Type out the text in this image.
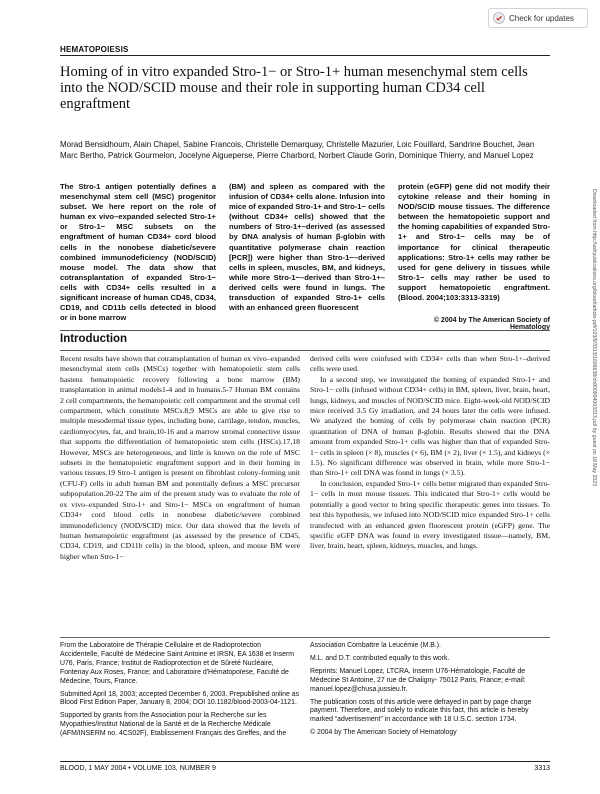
Check for updates
HEMATOPOIESIS
Homing of in vitro expanded Stro-1− or Stro-1+ human mesenchymal stem cells into the NOD/SCID mouse and their role in supporting human CD34 cell engraftment
Morad Bensidhoum, Alain Chapel, Sabine Francois, Christelle Demarquay, Christelle Mazurier, Loic Fouillard, Sandrine Bouchet, Jean Marc Bertho, Patrick Gourmelon, Jocelyne Aigueperse, Pierre Charbord, Norbert Claude Gorin, Dominique Thierry, and Manuel Lopez
The Stro-1 antigen potentially defines a mesenchymal stem cell (MSC) progenitor subset. We here report on the role of human ex vivo–expanded selected Stro-1+ or Stro-1− MSC subsets on the engraftment of human CD34+ cord blood cells in the nonobese diabetic/severe combined immunodeficiency (NOD/SCID) mouse model. The data show that cotransplantation of expanded Stro-1− cells with CD34+ cells resulted in a significant increase of human CD45, CD34, CD19, and CD11b cells detected in blood or in bone marrow
(BM) and spleen as compared with the infusion of CD34+ cells alone. Infusion into mice of expanded Stro-1+ and Stro-1− cells (without CD34+ cells) showed that the numbers of Stro-1+–derived (as assessed by DNA analysis of human β-globin with quantitative polymerase chain reaction [PCR]) were higher than Stro-1−–derived cells in spleen, muscles, BM, and kidneys, while more Stro-1−–derived than Stro-1+–derived cells were found in lungs. The transduction of expanded Stro-1+ cells with an enhanced green fluorescent
protein (eGFP) gene did not modify their cytokine release and their homing in NOD/SCID mouse tissues. The difference between the hematopoietic support and the homing capabilities of expanded Stro-1+ and Stro-1− cells may be of importance for clinical therapeutic applications: Stro-1+ cells may rather be used for gene delivery in tissues while Stro-1− cells may rather be used to support hematopoietic engraftment. (Blood. 2004;103:3313-3319)
© 2004 by The American Society of Hematology
Introduction

Recent results have shown that cotransplantation of human ex vivo–expanded mesenchymal stem cells (MSCs) together with hematopoietic stem cells hastens hematopoietic recovery following a bone marrow (BM) transplantation in animal models1-4 and in humans.5-7 Human BM contains 2 cell compartments, the hematopoietic cell compartment and the stromal cell compartment, which constitute MSCs.8,9 MSCs are able to give rise to multiple mesodermal tissue types, including bone, cartilage, tendon, muscles, cardiomyocytes, fat, and brain,10-16 and a marrow stromal connective tissue that supports the differentiation of hematopoietic stem cells (HSCs).17,18 However, MSCs are heterogeneous, and little is known on the role of MSC subsets in the hematopoietic engraftment support and in their homing in various tissues.19 Stro-1 antigen is present on fibroblast colony-forming unit (CFU-F) cells in adult human BM and potentially defines a MSC precursor subpopulation.20-22 The aim of the present study was to evaluate the role of ex vivo–expanded Stro-1+ and Stro-1− MSCs on engraftment of human CD34+ cord blood cells in nonobese diabetic/severe combined immunodeficiency (NOD/SCID) mice. Our data showed that the levels of human hematopoietic engraftment (as assessed by the presence of CD45, CD34, CD19, and CD11b cells) in the blood, spleen, and mouse BM were higher when Stro-1−

derived cells were coinfused with CD34+ cells than when Stro-1+–derived cells were used.

In a second step, we investigated the homing of expanded Stro-1+ and Stro-1− cells (infused without CD34+ cells) in BM, spleen, liver, brain, heart, lungs, kidneys, and muscles of NOD/SCID mice. Eight-week-old NOD/SCID mice received 3.5 Gy irradiation, and 24 hours later the cells were infused. We analyzed the homing of cells by polymerase chain reaction (PCR) quantitation of DNA of human β-globin. Results showed that the DNA amount from expanded Stro-1+ cells was higher than that of expanded Stro-1− cells in spleen (× 8), muscles (× 6), BM (× 2), liver (× 1.5), and kidneys (× 1.5). No significant difference was observed in brain, while more Stro-1− than Stro-1+ cell DNA was found in lungs (× 3.5).

In conclusion, expanded Stro-1+ cells better migrated than expanded Stro-1− cells in most mouse tissues. This indicated that Stro-1+ cells would be potentially a good vector to bring specific therapeutic genes into tissues. To test this hypothesis, we infused into NOD/SCID mice expanded Stro-1+ cells transfected with an enhanced green fluorescent protein (eGFP) gene. The specific eGFP DNA was found in every investigated tissue—namely, BM, liver, brain, heart, spleen, kidneys, muscles, and lungs.

From the Laboratoire de Thérapie Cellulaire et de Radioprotection Accidentelle, Faculté de Médecine Saint Antoine et IRSN, EA 1638 et Inserm U76, Paris, France; Institut de Radioprotection et de Sûreté Nucléaire, Fontenay Aux Roses, France; and Laboratoire d'Hématopoïese, Faculté de Médecine, Tours, France.

Submitted April 18, 2003; accepted December 6, 2003. Prepublished online as Blood First Edition Paper, January 8, 2004; DOI 10.1182/blood-2003-04-1121.

Supported by grants from the Association pour la Recherche sur les Myopathies/Institut National de la Santé et de la Recherche Médicale (AFM/INSERM no. 4CS02F), Etablissement Français des Greffes, and the

Association Combattre la Leucémie (M.B.).

M.L. and D.T. contributed equally to this work.

Reprints: Manuel Lopez, LTCRA, Inserm U76-Hématologie, Faculté de Médecine St Antoine, 27 rue de Chaligny- 75012 Paris, France; e-mail: manuel.lopez@chusa.jussieu.fr.

The publication costs of this article were defrayed in part by page charge payment. Therefore, and solely to indicate this fact, this article is hereby marked “advertisement” in accordance with 18 U.S.C. section 1734.

© 2004 by The American Society of Hematology

BLOOD, 1 MAY 2004 • VOLUME 103, NUMBER 9	3313
Downloaded from http://ashpublications.org/blood/article-pdf/103/9/3313/1696638/zh800904003313.pdf by guest on 18 May 2023
